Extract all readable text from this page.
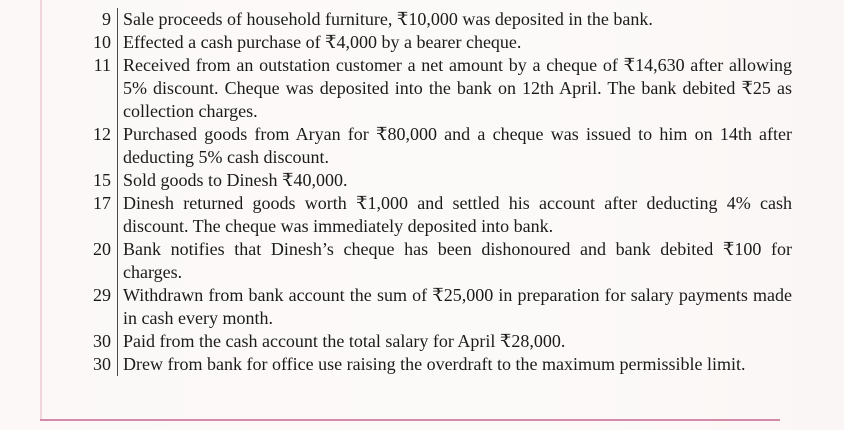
9 Sale proceeds of household furniture, ₹10,000 was deposited in the bank.
10 Effected a cash purchase of ₹4,000 by a bearer cheque.
11 Received from an outstation customer a net amount by a cheque of ₹14,630 after allowing 5% discount. Cheque was deposited into the bank on 12th April. The bank debited ₹25 as collection charges.
12 Purchased goods from Aryan for ₹80,000 and a cheque was issued to him on 14th after deducting 5% cash discount.
15 Sold goods to Dinesh ₹40,000.
17 Dinesh returned goods worth ₹1,000 and settled his account after deducting 4% cash discount. The cheque was immediately deposited into bank.
20 Bank notifies that Dinesh’s cheque has been dishonoured and bank debited ₹100 for charges.
29 Withdrawn from bank account the sum of ₹25,000 in preparation for salary payments made in cash every month.
30 Paid from the cash account the total salary for April ₹28,000.
30 Drew from bank for office use raising the overdraft to the maximum permissible limit.
